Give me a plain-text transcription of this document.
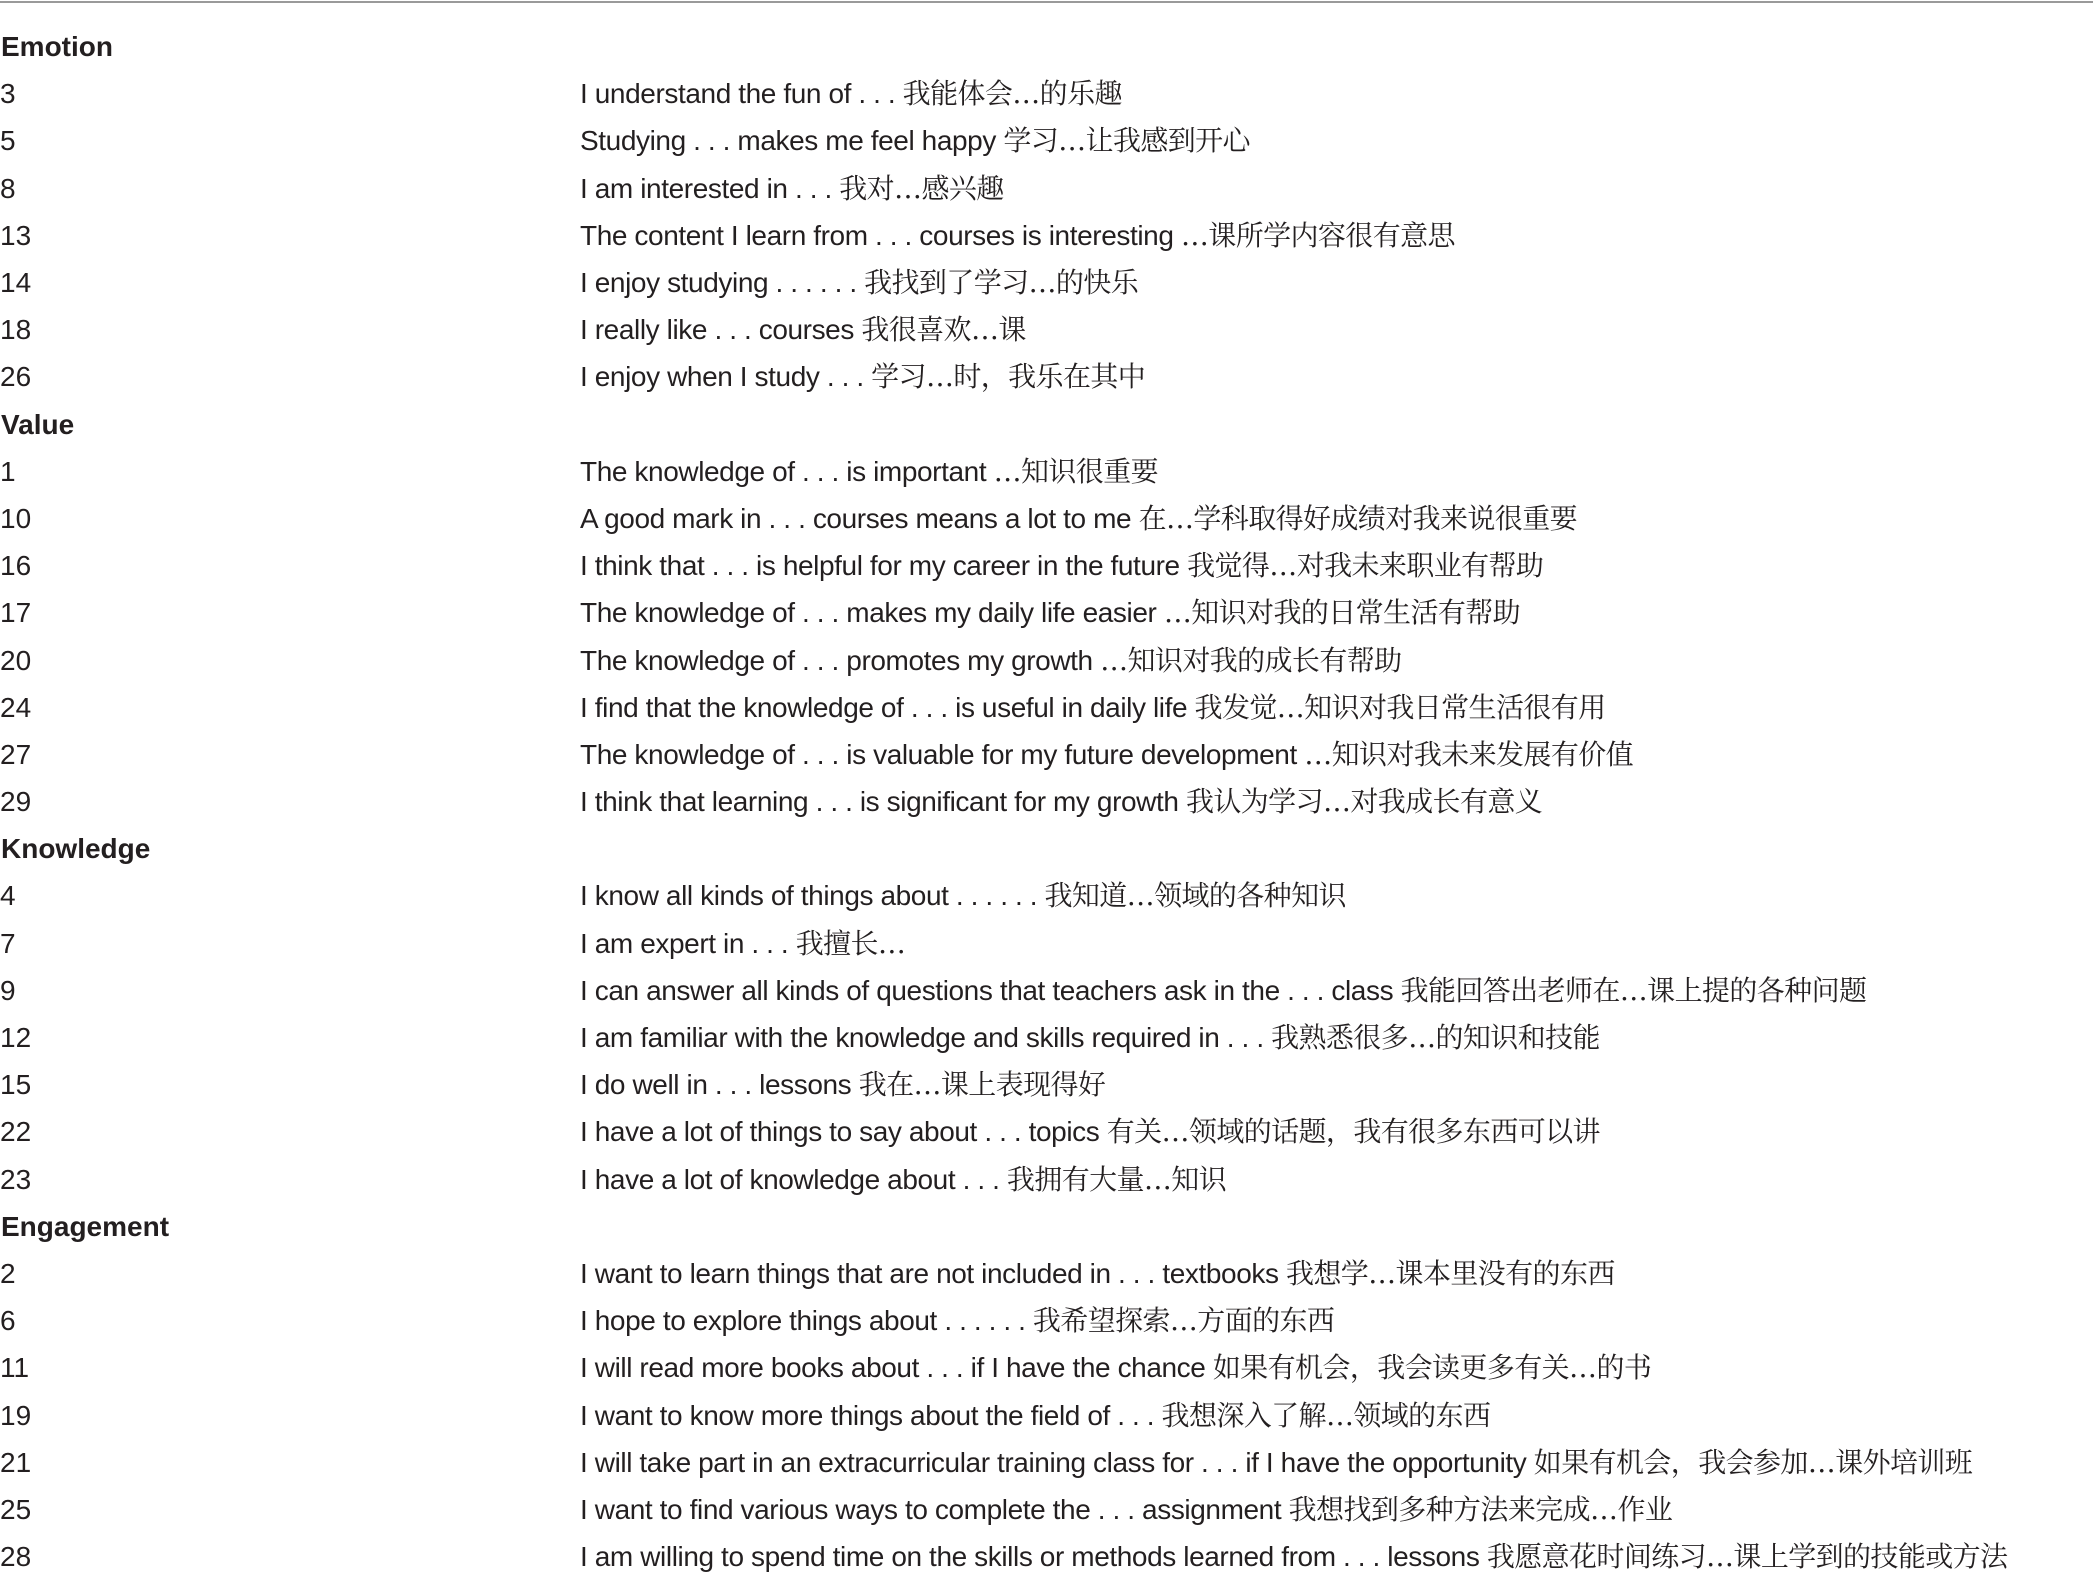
Emotion
3	I understand the fun of . . . 我能体会…的乐趣
5	Studying . . . makes me feel happy 学习…让我感到开心
8	I am interested in . . . 我对…感兴趣
13	The content I learn from . . . courses is interesting …课所学内容很有意思
14	I enjoy studying . . . . . . 我找到了学习…的快乐
18	I really like . . . courses 我很喜欢…课
26	I enjoy when I study . . . 学习…时，我乐在其中
Value
1	The knowledge of . . . is important …知识很重要
10	A good mark in . . . courses means a lot to me 在…学科取得好成绩对我来说很重要
16	I think that . . . is helpful for my career in the future 我觉得…对我未来职业有帮助
17	The knowledge of . . . makes my daily life easier …知识对我的日常生活有帮助
20	The knowledge of . . . promotes my growth …知识对我的成长有帮助
24	I find that the knowledge of . . . is useful in daily life 我发觉…知识对我日常生活很有用
27	The knowledge of . . . is valuable for my future development …知识对我未来发展有价值
29	I think that learning . . . is significant for my growth 我认为学习…对我成长有意义
Knowledge
4	I know all kinds of things about . . . . . . 我知道…领域的各种知识
7	I am expert in . . . 我擅长…
9	I can answer all kinds of questions that teachers ask in the . . . class 我能回答出老师在…课上提的各种问题
12	I am familiar with the knowledge and skills required in . . . 我熟悉很多…的知识和技能
15	I do well in . . . lessons 我在…课上表现得好
22	I have a lot of things to say about . . . topics 有关…领域的话题，我有很多东西可以讲
23	I have a lot of knowledge about . . . 我拥有大量…知识
Engagement
2	I want to learn things that are not included in . . . textbooks 我想学…课本里没有的东西
6	I hope to explore things about . . . . . . 我希望探索…方面的东西
11	I will read more books about . . . if I have the chance 如果有机会，我会读更多有关…的书
19	I want to know more things about the field of . . . 我想深入了解…领域的东西
21	I will take part in an extracurricular training class for . . . if I have the opportunity 如果有机会，我会参加…课外培训班
25	I want to find various ways to complete the . . . assignment 我想找到多种方法来完成…作业
28	I am willing to spend time on the skills or methods learned from . . . lessons 我愿意花时间练习…课上学到的技能或方法
